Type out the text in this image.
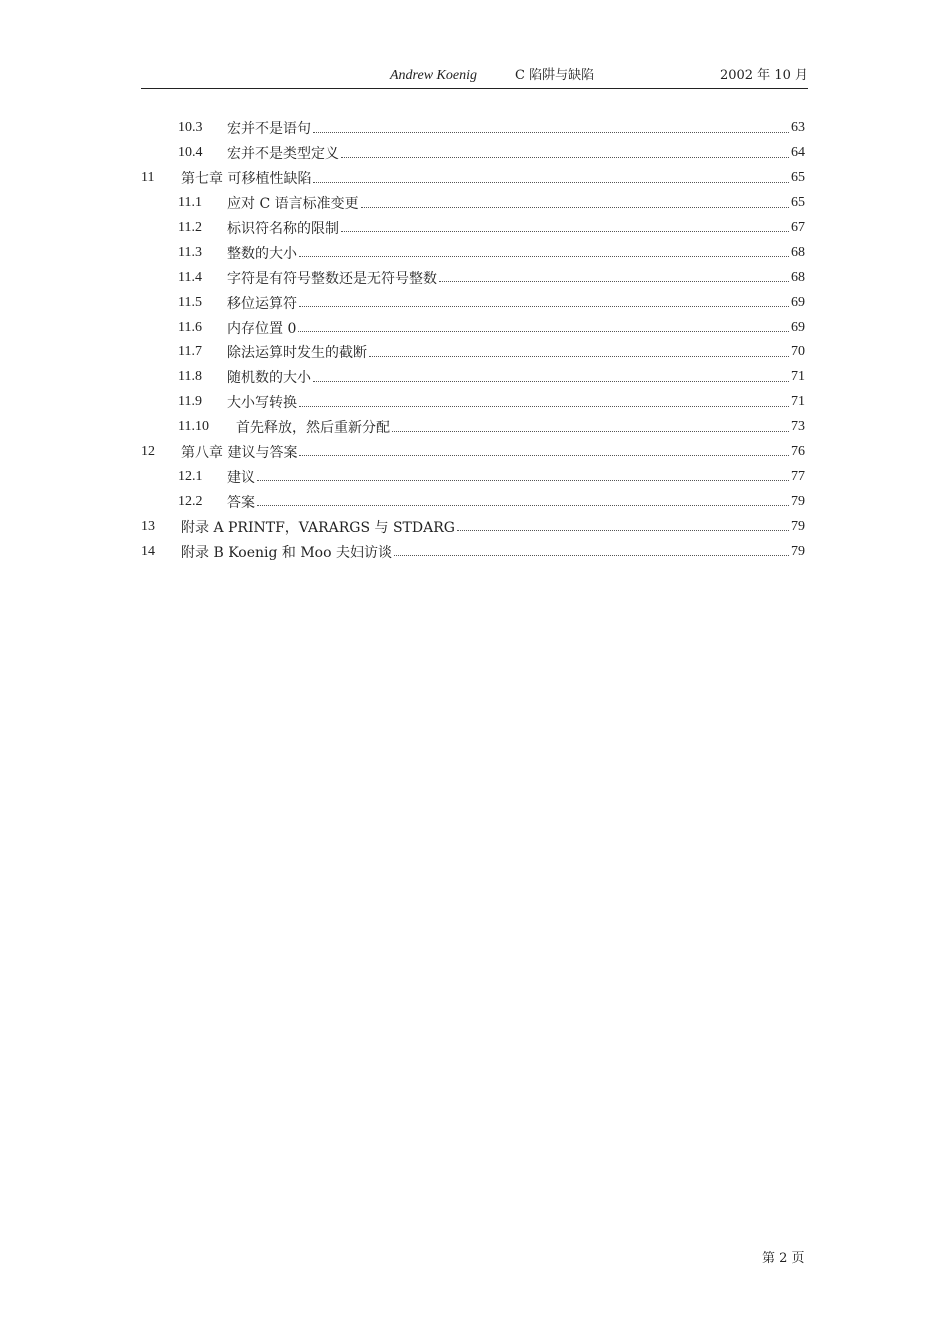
Andrew Koenig	C 陷阱与缺陷	2002 年 10 月
10.3	宏并不是语句	63
10.4	宏并不是类型定义	64
11	第七章 可移植性缺陷	65
11.1	应对 C 语言标准变更	65
11.2	标识符名称的限制	67
11.3	整数的大小	68
11.4	字符是有符号整数还是无符号整数	68
11.5	移位运算符	69
11.6	内存位置 0	69
11.7	除法运算时发生的截断	70
11.8	随机数的大小	71
11.9	大小写转换	71
11.10	首先释放，然后重新分配	73
12	第八章 建议与答案	76
12.1	建议	77
12.2	答案	79
13	附录 A PRINTF，VARARGS 与 STDARG	79
14	附录 B Koenig 和 Moo 夫妇访谈	79
第 2 页
